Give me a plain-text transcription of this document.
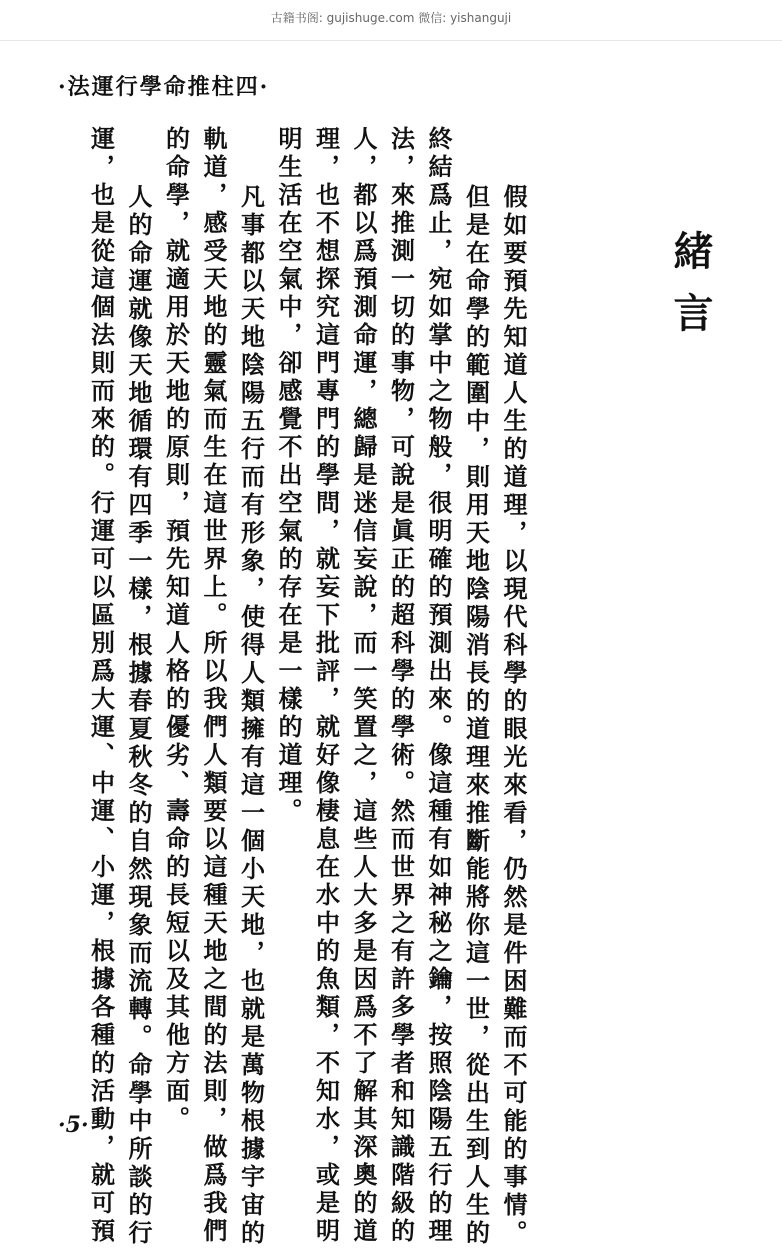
古籍书阁: gujishuge.com 微信: yishanguji
·法運行學命推柱四·
緒言
假如要預先知道人生的道理，以現代科學的眼光來看，仍然是件困難而不可能的事情。
但是在命學的範圍中，則用天地陰陽消長的道理來推斷能將你這一世，從出生到人生的
終結爲止，宛如掌中之物般，很明確的預測出來。像這種有如神秘之鑰，按照陰陽五行的理
法，來推測一切的事物，可說是眞正的超科學的學術。然而世界之有許多學者和知識階級的
人，都以爲預測命運，總歸是迷信妄說，而一笑置之，這些人大多是因爲不了解其深奧的道
理，也不想探究這門專門的學問，就妄下批評，就好像棲息在水中的魚類，不知水，或是明
明生活在空氣中，卻感覺不出空氣的存在是一樣的道理。
凡事都以天地陰陽五行而有形象，使得人類擁有這一個小天地，也就是萬物根據宇宙的
軌道，感受天地的靈氣而生在這世界上。所以我們人類要以這種天地之間的法則，做爲我們
的命學，就適用於天地的原則，預先知道人格的優劣、壽命的長短以及其他方面。
人的命運就像天地循環有四季一樣，根據春夏秋冬的自然現象而流轉。命學中所談的行
運，也是從這個法則而來的。行運可以區別爲大運、中運、小運，根據各種的活動，就可預
·5·
